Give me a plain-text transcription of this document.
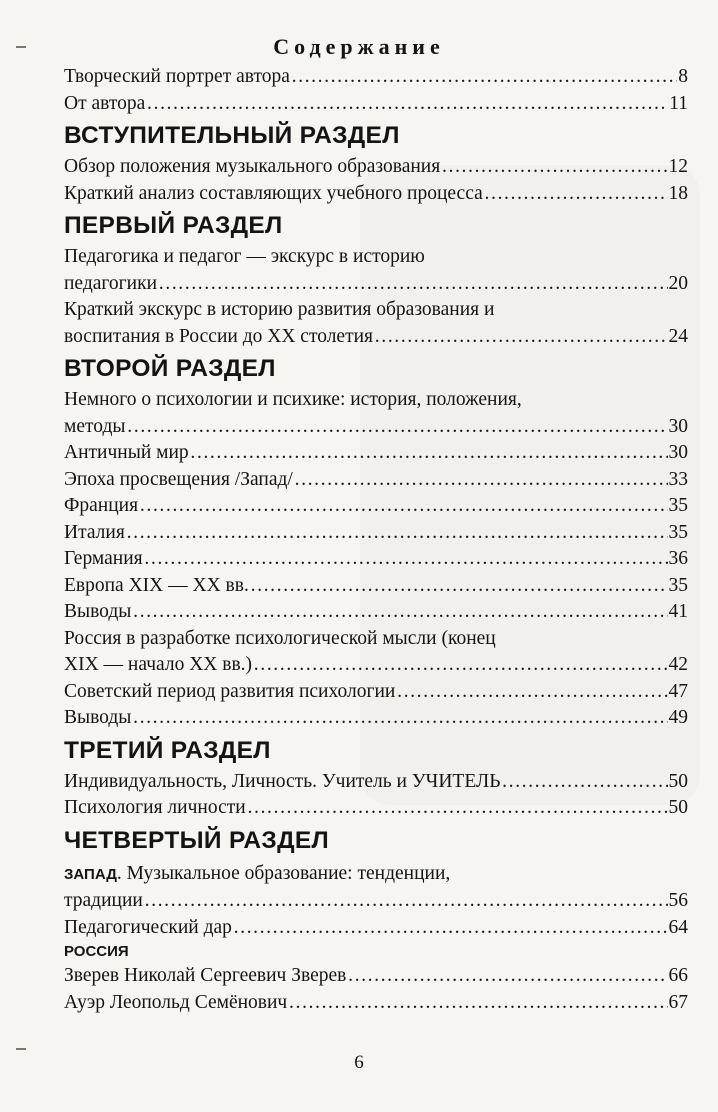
Содержание
Творческий портрет автора ……………………………………………………………………………………………………………………	8
От автора ……………………………………………………………………………………………………………………	11
ВСТУПИТЕЛЬНЫЙ РАЗДЕЛ
Обзор положения музыкального образования ……………………………………………………………………………………………………………………	12
Краткий анализ составляющих учебного процесса ……………………………………………………………………………………………………………………	18
ПЕРВЫЙ РАЗДЕЛ
Педагогика и педагог — экскурс в историю
педагогики ……………………………………………………………………………………………………………………	20
Краткий экскурс в историю развития образования и
воспитания в России до XX столетия ……………………………………………………………………………………………………………………	24
ВТОРОЙ РАЗДЕЛ
Немного о психологии и психике: история, положения,
методы ……………………………………………………………………………………………………………………	30
Античный мир ……………………………………………………………………………………………………………………	30
Эпоха просвещения /Запад/ ……………………………………………………………………………………………………………………	33
Франция ……………………………………………………………………………………………………………………	35
Италия ……………………………………………………………………………………………………………………	35
Германия ……………………………………………………………………………………………………………………	36
Европа XIX — XX вв. ……………………………………………………………………………………………………………………	35
Выводы ……………………………………………………………………………………………………………………	41
Россия в разработке психологической мысли (конец
XIX — начало XX вв.) ……………………………………………………………………………………………………………………	42
Советский период развития психологии ……………………………………………………………………………………………………………………	47
Выводы ……………………………………………………………………………………………………………………	49
ТРЕТИЙ РАЗДЕЛ
Индивидуальность, Личность. Учитель и УЧИТЕЛЬ ……………………………………………………………………………………………………………………	50
Психология личности ……………………………………………………………………………………………………………………	50
ЧЕТВЕРТЫЙ РАЗДЕЛ
ЗАПАД. Музыкальное образование: тенденции,
традиции ……………………………………………………………………………………………………………………	56
Педагогический дар ……………………………………………………………………………………………………………………	64
РОССИЯ
Зверев Николай Сергеевич Зверев ……………………………………………………………………………………………………………………	66
Ауэр Леопольд Семёнович ……………………………………………………………………………………………………………………	67
6
